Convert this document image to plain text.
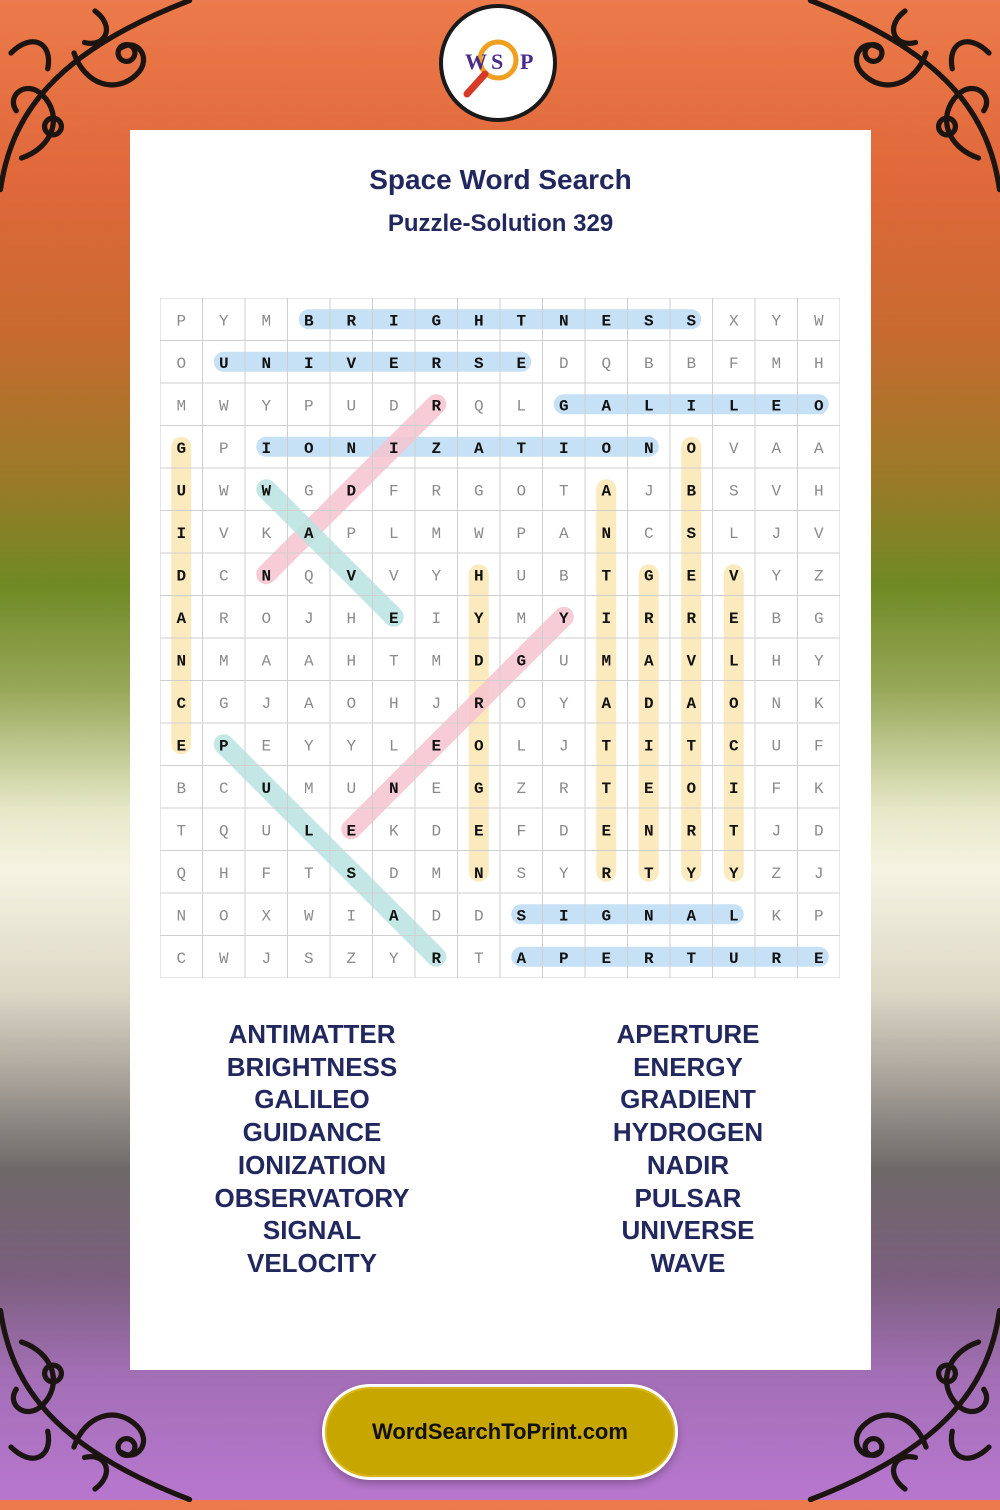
W S P
Space Word Search
Puzzle-Solution 329
P Y M B R I G H T N E S S X Y W
O U N I V E R S E D Q B B F M H
M W Y P U D R Q L G A L I L E O
G P I O N I Z A T I O N O V A A
U W W G D F R G O T A J B S V H
I V K A P L M W P A N C S L J V
D C N Q V V Y H U B T G E V Y Z
A R O J H E I Y M Y I R R E B G
N M A A H T M D G U M A V L H Y
C G J A O H J R O Y A D A O N K
E P E Y Y L E O L J T I T C U F
B C U M U N E G Z R T E O I F K
T Q U L E K D E F D E N R T J D
Q H F T S D M N S Y R T Y Y Z J
N O X W I A D D S I G N A L K P
C W J S Z Y R T A P E R T U R E
ANTIMATTER
BRIGHTNESS
GALILEO
GUIDANCE
IONIZATION
OBSERVATORY
SIGNAL
VELOCITY
APERTURE
ENERGY
GRADIENT
HYDROGEN
NADIR
PULSAR
UNIVERSE
WAVE
WordSearchToPrint.com
